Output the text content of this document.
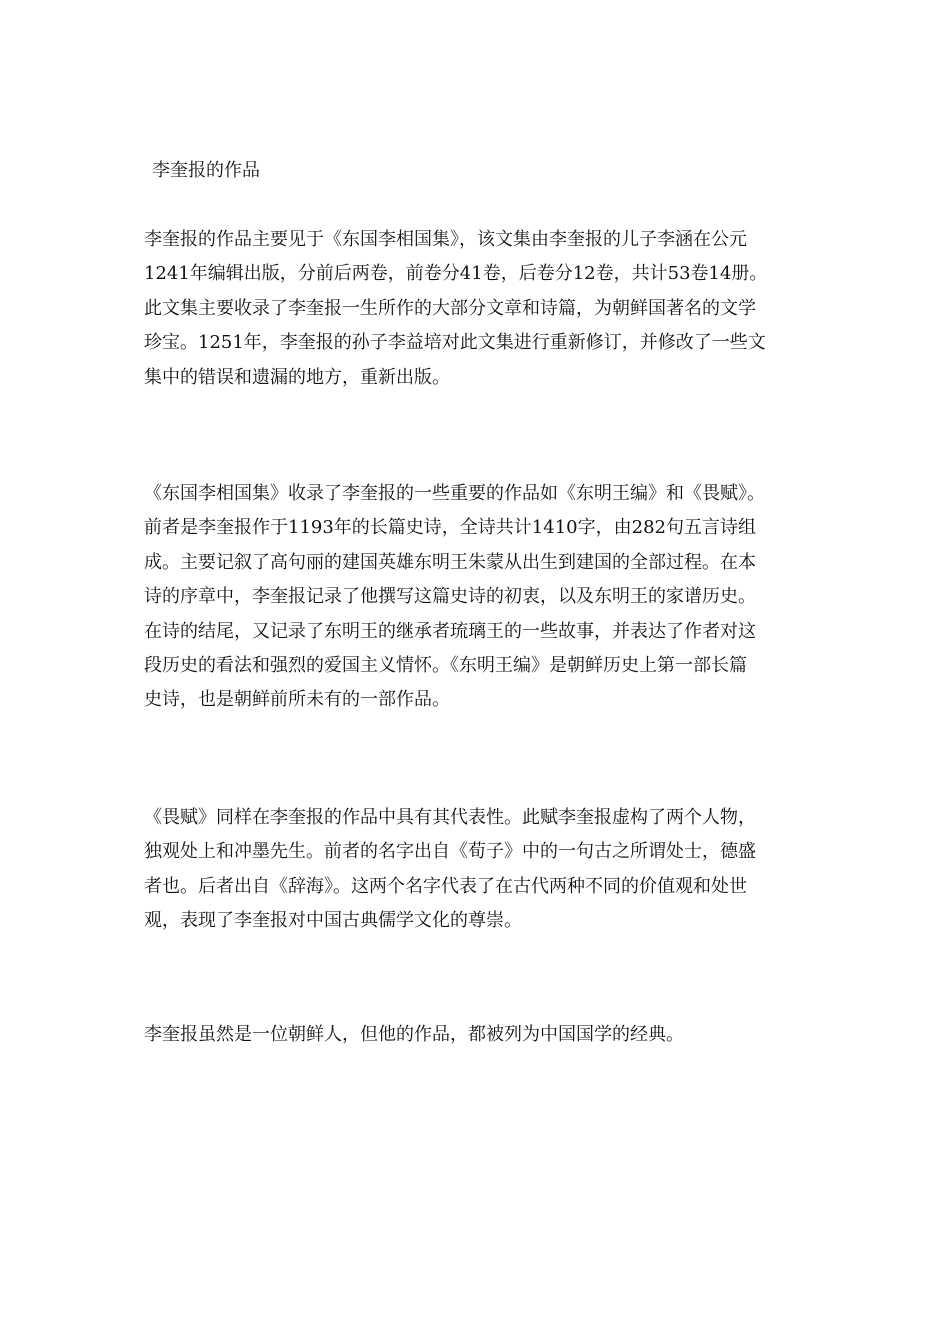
李奎报的作品
李奎报的作品主要见于《东国李相国集》，该文集由李奎报的儿子李涵在公元
1241年编辑出版，分前后两卷，前卷分41卷，后卷分12卷，共计53卷14册。
此文集主要收录了李奎报一生所作的大部分文章和诗篇，为朝鲜国著名的文学
珍宝。1251年，李奎报的孙子李益培对此文集进行重新修订，并修改了一些文
集中的错误和遗漏的地方，重新出版。
《东国李相国集》收录了李奎报的一些重要的作品如《东明王编》和《畏赋》。
前者是李奎报作于1193年的长篇史诗，全诗共计1410字，由282句五言诗组
成。主要记叙了高句丽的建国英雄东明王朱蒙从出生到建国的全部过程。在本
诗的序章中，李奎报记录了他撰写这篇史诗的初衷，以及东明王的家谱历史。
在诗的结尾，又记录了东明王的继承者琉璃王的一些故事，并表达了作者对这
段历史的看法和强烈的爱国主义情怀。《东明王编》是朝鲜历史上第一部长篇
史诗，也是朝鲜前所未有的一部作品。
《畏赋》同样在李奎报的作品中具有其代表性。此赋李奎报虚构了两个人物，
独观处上和冲墨先生。前者的名字出自《荀子》中的一句古之所谓处士，德盛
者也。后者出自《辞海》。这两个名字代表了在古代两种不同的价值观和处世
观，表现了李奎报对中国古典儒学文化的尊崇。
李奎报虽然是一位朝鲜人，但他的作品，都被列为中国国学的经典。
